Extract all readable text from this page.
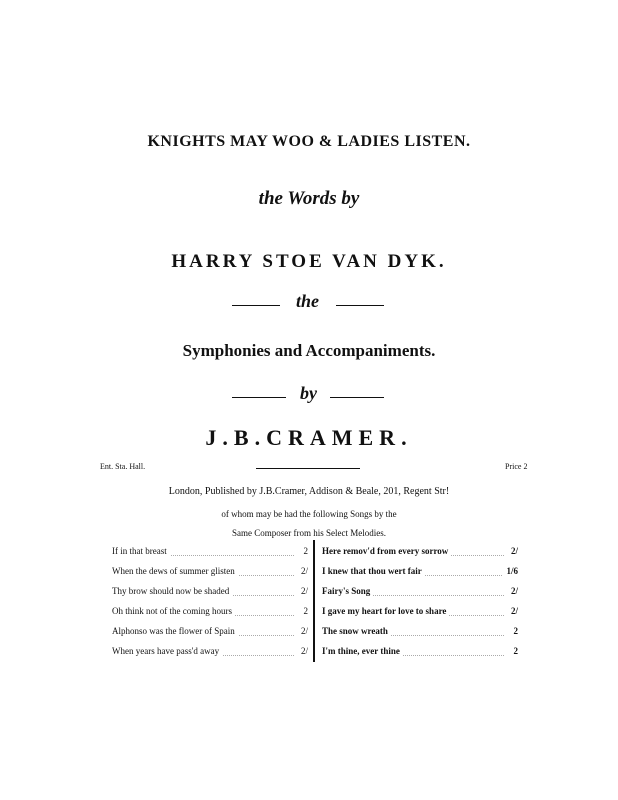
KNIGHTS MAY WOO & LADIES LISTEN.
the Words by
HARRY STOE VAN DYK.
the
Symphonies and Accompaniments.
by
J.B.CRAMER.
Ent. Sta. Hall.	Price 2
London, Published by J.B.Cramer, Addison & Beale, 201, Regent Str!
of whom may be had the following Songs by the
Same Composer from his Select Melodies.
If in that breast	2
When the dews of summer glisten	2/
Thy brow should now be shaded	2/
Oh think not of the coming hours	2
Alphonso was the flower of Spain	2/
When years have pass'd away	2/
Here remov'd from every sorrow	2/
I knew that thou wert fair	1/6
Fairy's Song	2/
I gave my heart for love to share	2/
The snow wreath	2
I'm thine, ever thine	2
